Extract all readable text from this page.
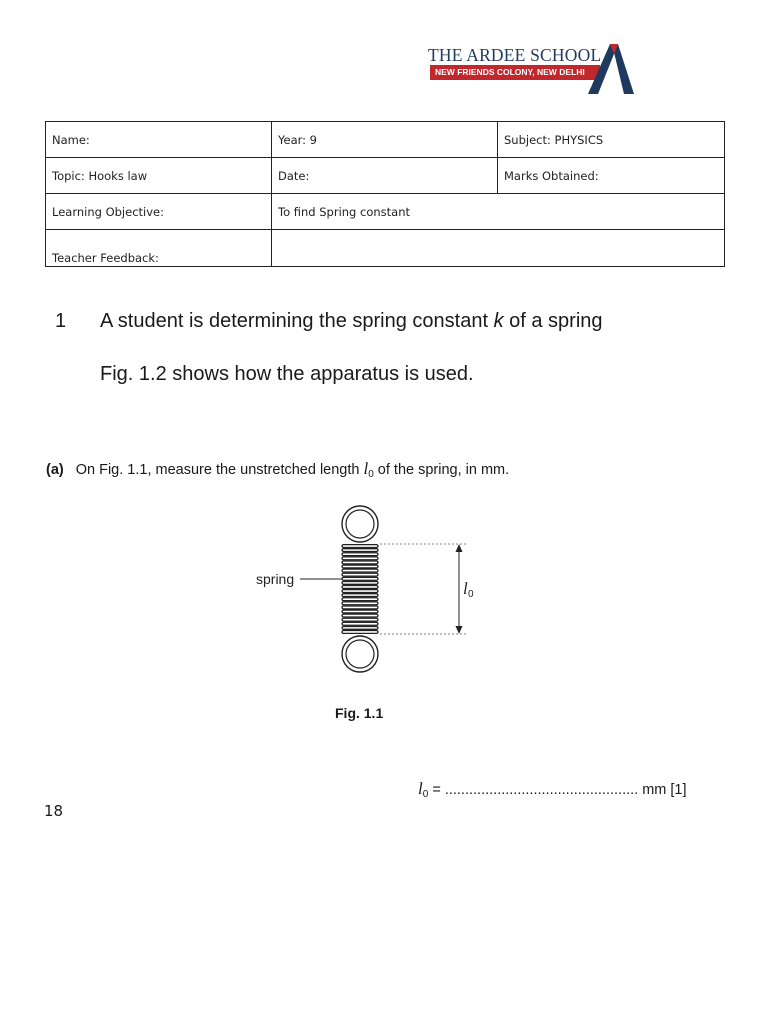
THE ARDEE SCHOOL
NEW FRIENDS COLONY, NEW DELHI
Name:	Year: 9	Subject: PHYSICS
Topic: Hooks law	Date:	Marks Obtained:
Learning Objective:	To find Spring constant	
Teacher Feedback:		
1 A student is determining the spring constant k of a spring
Fig. 1.2 shows how the apparatus is used.
(a) On Fig. 1.1, measure the unstretched length $l_0$ of the spring, in mm.
spring	l 0
Fig. 1.1
$l_0$ = ................................................ mm [1]
18
